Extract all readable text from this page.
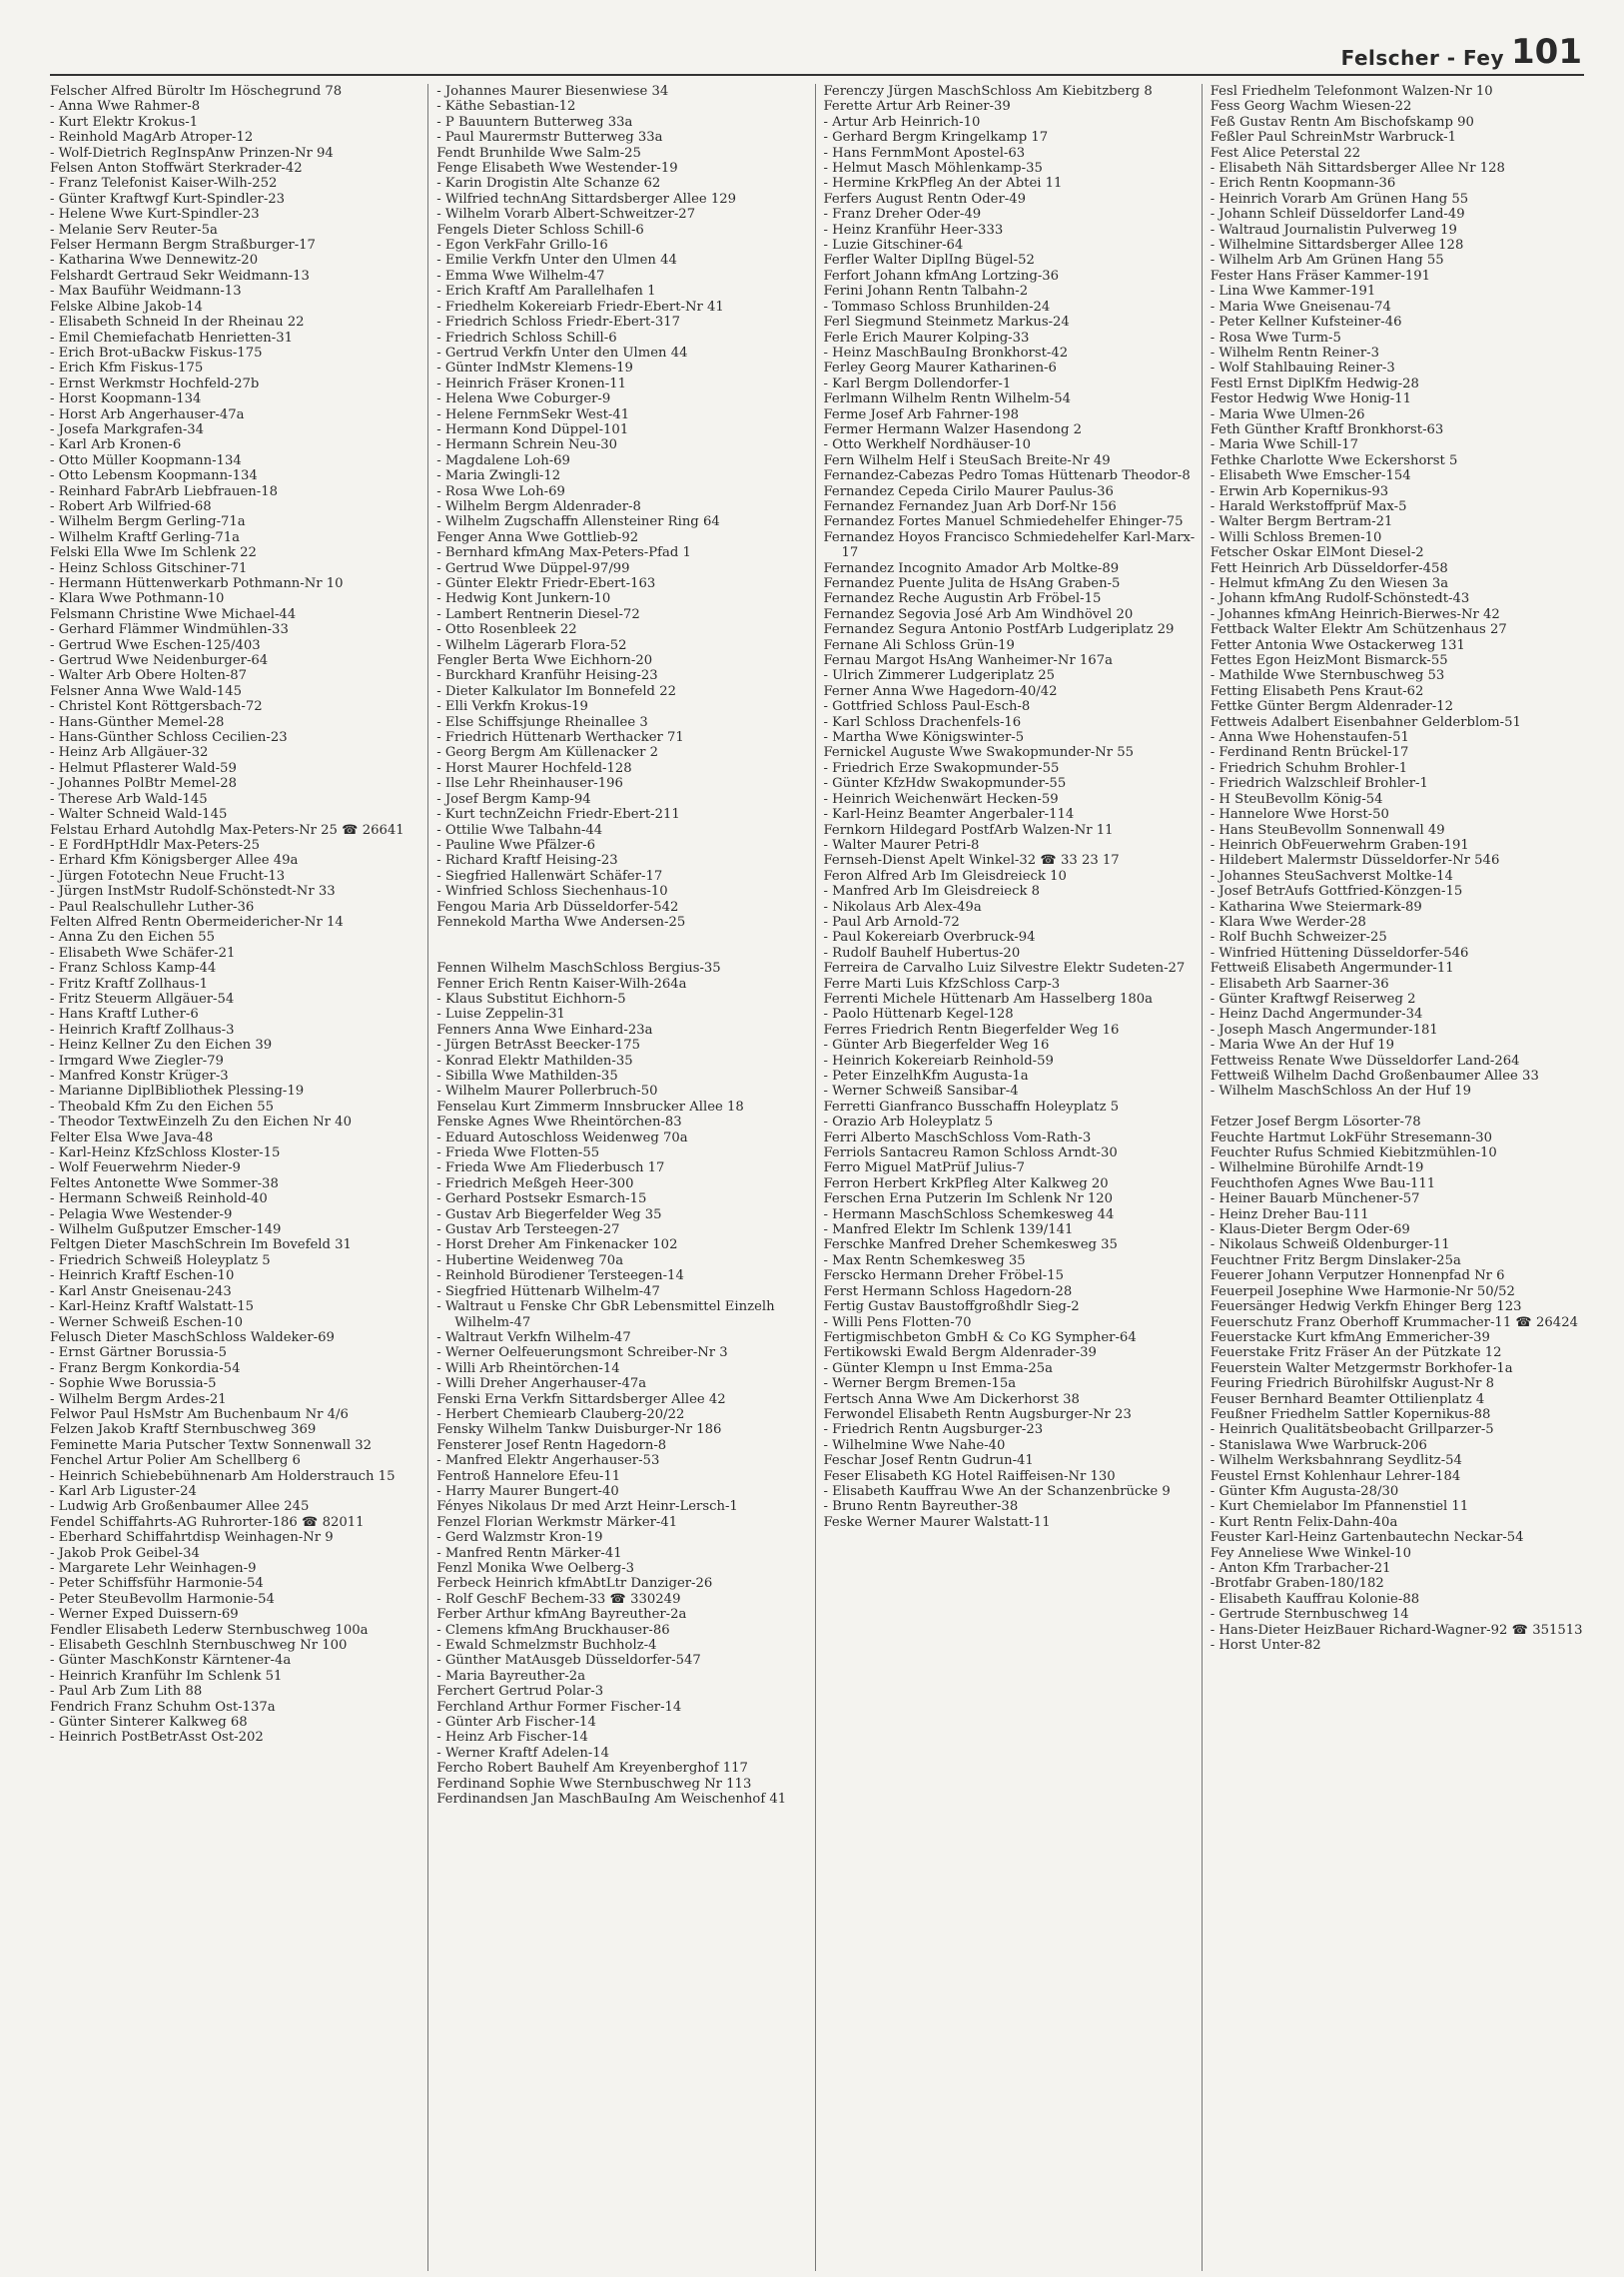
Felscher - Fey 101
Felscher Alfred Büroltr Im Höschegrund 78
- Anna Wwe Rahmer-8
- Kurt Elektr Krokus-1
- Reinhold MagArb Atroper-12
- Wolf-Dietrich RegInspAnw Prinzen-Nr 94
Felsen Anton Stoffwärt Sterkrader-42
- Franz Telefonist Kaiser-Wilh-252
- Günter Kraftwgf Kurt-Spindler-23
- Helene Wwe Kurt-Spindler-23
- Melanie Serv Reuter-5a
Felser Hermann Bergm Straßburger-17
- Katharina Wwe Dennewitz-20
Felshardt Gertraud Sekr Weidmann-13
- Max Bauführ Weidmann-13
Felske Albine Jakob-14
- Elisabeth Schneid In der Rheinau 22
- Emil Chemiefachatb Henrietten-31
- Erich Brot-uBackw Fiskus-175
- Erich Kfm Fiskus-175
- Ernst Werkmstr Hochfeld-27b
- Horst Koopmann-134
- Horst Arb Angerhauser-47a
- Josefa Markgrafen-34
- Karl Arb Kronen-6
- Otto Müller Koopmann-134
- Otto Lebensm Koopmann-134
- Reinhard FabrArb Liebfrauen-18
- Robert Arb Wilfried-68
- Wilhelm Bergm Gerling-71a
- Wilhelm Kraftf Gerling-71a
Felski Ella Wwe Im Schlenk 22
- Heinz Schloss Gitschiner-71
- Hermann Hüttenwerkarb Pothmann-Nr 10
- Klara Wwe Pothmann-10
Felsmann Christine Wwe Michael-44
- Gerhard Flämmer Windmühlen-33
- Gertrud Wwe Eschen-125/403
- Gertrud Wwe Neidenburger-64
- Walter Arb Obere Holten-87
Felsner Anna Wwe Wald-145
- Christel Kont Röttgersbach-72
- Hans-Günther Memel-28
- Hans-Günther Schloss Cecilien-23
- Heinz Arb Allgäuer-32
- Helmut Pflasterer Wald-59
- Johannes PolBtr Memel-28
- Therese Arb Wald-145
- Walter Schneid Wald-145
Felstau Erhard Autohdlg Max-Peters-Nr 25 ☎ 26641
- E FordHptHdlr Max-Peters-25
- Erhard Kfm Königsberger Allee 49a
- Jürgen Fototechn Neue Frucht-13
- Jürgen InstMstr Rudolf-Schönstedt-Nr 33
- Paul Realschullehr Luther-36
Felten Alfred Rentn Obermeidericher-Nr 14
- Anna Zu den Eichen 55
- Elisabeth Wwe Schäfer-21
- Franz Schloss Kamp-44
- Fritz Kraftf Zollhaus-1
- Fritz Steuerm Allgäuer-54
- Hans Kraftf Luther-6
- Heinrich Kraftf Zollhaus-3
- Heinz Kellner Zu den Eichen 39
- Irmgard Wwe Ziegler-79
- Manfred Konstr Krüger-3
- Marianne DiplBibliothek Plessing-19
- Theobald Kfm Zu den Eichen 55
- Theodor TextwEinzelh Zu den Eichen Nr 40
Felter Elsa Wwe Java-48
- Karl-Heinz KfzSchloss Kloster-15
- Wolf Feuerwehrm Nieder-9
Feltes Antonette Wwe Sommer-38
- Hermann Schweiß Reinhold-40
- Pelagia Wwe Westender-9
- Wilhelm Gußputzer Emscher-149
Feltgen Dieter MaschSchrein Im Bovefeld 31
- Friedrich Schweiß Holeyplatz 5
- Heinrich Kraftf Eschen-10
- Karl Anstr Gneisenau-243
- Karl-Heinz Kraftf Walstatt-15
- Werner Schweiß Eschen-10
Felusch Dieter MaschSchloss Waldeker-69
- Ernst Gärtner Borussia-5
- Franz Bergm Konkordia-54
- Sophie Wwe Borussia-5
- Wilhelm Bergm Ardes-21
Felwor Paul HsMstr Am Buchenbaum Nr 4/6
Felzen Jakob Kraftf Sternbuschweg 369
Feminette Maria Putscher Textw Sonnenwall 32
Fenchel Artur Polier Am Schellberg 6
- Heinrich Schiebebühnenarb Am Holderstrauch 15
- Karl Arb Liguster-24
- Ludwig Arb Großenbaumer Allee 245
Fendel Schiffahrts-AG Ruhrorter-186 ☎ 82011
- Eberhard Schiffahrtdisp Weinhagen-Nr 9
- Jakob Prok Geibel-34
- Margarete Lehr Weinhagen-9
- Peter Schiffsführ Harmonie-54
- Peter SteuBevollm Harmonie-54
- Werner Exped Duissern-69
Fendler Elisabeth Lederw Sternbuschweg 100a
- Elisabeth Geschlnh Sternbuschweg Nr 100
- Günter MaschKonstr Kärntener-4a
- Heinrich Kranführ Im Schlenk 51
- Paul Arb Zum Lith 88
Fendrich Franz Schuhm Ost-137a
- Günter Sinterer Kalkweg 68
- Heinrich PostBetrAsst Ost-202
- Johannes Maurer Biesenwiese 34
- Käthe Sebastian-12
- P Bauuntern Butterweg 33a
- Paul Maurermstr Butterweg 33a
Fendt Brunhilde Wwe Salm-25
Fenge Elisabeth Wwe Westender-19
- Karin Drogistin Alte Schanze 62
- Wilfried technAng Sittardsberger Allee 129
- Wilhelm Vorarb Albert-Schweitzer-27
Fengels Dieter Schloss Schill-6
- Egon VerkFahr Grillo-16
- Emilie Verkfn Unter den Ulmen 44
- Emma Wwe Wilhelm-47
- Erich Kraftf Am Parallelhafen 1
- Friedhelm Kokereiarb Friedr-Ebert-Nr 41
- Friedrich Schloss Friedr-Ebert-317
- Friedrich Schloss Schill-6
- Gertrud Verkfn Unter den Ulmen 44
- Günter IndMstr Klemens-19
- Heinrich Fräser Kronen-11
- Helena Wwe Coburger-9
- Helene FernmSekr West-41
- Hermann Kond Düppel-101
- Hermann Schrein Neu-30
- Magdalene Loh-69
- Maria Zwingli-12
- Rosa Wwe Loh-69
- Wilhelm Bergm Aldenrader-8
- Wilhelm Zugschaffn Allensteiner Ring 64
Fenger Anna Wwe Gottlieb-92
- Bernhard kfmAng Max-Peters-Pfad 1
- Gertrud Wwe Düppel-97/99
- Günter Elektr Friedr-Ebert-163
- Hedwig Kont Junkern-10
- Lambert Rentnerin Diesel-72
- Otto Rosenbleek 22
- Wilhelm Lägerarb Flora-52
Fengler Berta Wwe Eichhorn-20
- Burckhard Kranführ Heising-23
- Dieter Kalkulator Im Bonnefeld 22
- Elli Verkfn Krokus-19
- Else Schiffsjunge Rheinallee 3
- Friedrich Hüttenarb Werthacker 71
- Georg Bergm Am Küllenacker 2
- Horst Maurer Hochfeld-128
- Ilse Lehr Rheinhauser-196
- Josef Bergm Kamp-94
- Kurt technZeichn Friedr-Ebert-211
- Ottilie Wwe Talbahn-44
- Pauline Wwe Pfälzer-6
- Richard Kraftf Heising-23
- Siegfried Hallenwärt Schäfer-17
- Winfried Schloss Siechenhaus-10
Fengou Maria Arb Düsseldorfer-542
Fennekold Martha Wwe Andersen-25

Fennen Wilhelm MaschSchloss Bergius-35
Fenner Erich Rentn Kaiser-Wilh-264a
- Klaus Substitut Eichhorn-5
- Luise Zeppelin-31
Fenners Anna Wwe Einhard-23a
- Jürgen BetrAsst Beecker-175
- Konrad Elektr Mathilden-35
- Sibilla Wwe Mathilden-35
- Wilhelm Maurer Pollerbruch-50
Fenselau Kurt Zimmerm Innsbrucker Allee 18
Fenske Agnes Wwe Rheintörchen-83
- Eduard Autoschloss Weidenweg 70a
- Frieda Wwe Flotten-55
- Frieda Wwe Am Fliederbusch 17
- Friedrich Meßgeh Heer-300
- Gerhard Postsekr Esmarch-15
- Gustav Arb Biegerfelder Weg 35
- Gustav Arb Tersteegen-27
- Horst Dreher Am Finkenacker 102
- Hubertine Weidenweg 70a
- Reinhold Bürodiener Tersteegen-14
- Siegfried Hüttenarb Wilhelm-47
- Waltraut u Fenske Chr GbR Lebensmittel Einzelh Wilhelm-47
- Waltraut Verkfn Wilhelm-47
- Werner Oelfeuerungsmont Schreiber-Nr 3
- Willi Arb Rheintörchen-14
- Willi Dreher Angerhauser-47a
Fenski Erna Verkfn Sittardsberger Allee 42
- Herbert Chemiearb Clauberg-20/22
Fensky Wilhelm Tankw Duisburger-Nr 186
Fensterer Josef Rentn Hagedorn-8
- Manfred Elektr Angerhauser-53
Fentroß Hannelore Efeu-11
- Harry Maurer Bungert-40
Fényes Nikolaus Dr med Arzt Heinr-Lersch-1
Fenzel Florian Werkmstr Märker-41
- Gerd Walzmstr Kron-19
- Manfred Rentn Märker-41
Fenzl Monika Wwe Oelberg-3
Ferbeck Heinrich kfmAbtLtr Danziger-26
- Rolf GeschF Bechem-33 ☎ 330249
Ferber Arthur kfmAng Bayreuther-2a
- Clemens kfmAng Bruckhauser-86
- Ewald Schmelzmstr Buchholz-4
- Günther MatAusgeb Düsseldorfer-547
- Maria Bayreuther-2a
Ferchert Gertrud Polar-3
Ferchland Arthur Former Fischer-14
- Günter Arb Fischer-14
- Heinz Arb Fischer-14
- Werner Kraftf Adelen-14
Fercho Robert Bauhelf Am Kreyenberghof 117
Ferdinand Sophie Wwe Sternbuschweg Nr 113
Ferdinandsen Jan MaschBauIng Am Weischenhof 41
Ferenczy Jürgen MaschSchloss Am Kiebitzberg 8
Ferette Artur Arb Reiner-39
- Artur Arb Heinrich-10
- Gerhard Bergm Kringelkamp 17
- Hans FernmMont Apostel-63
- Helmut Masch Möhlenkamp-35
- Hermine KrkPfleg An der Abtei 11
Ferfers August Rentn Oder-49
- Franz Dreher Oder-49
- Heinz Kranführ Heer-333
- Luzie Gitschiner-64
Ferfler Walter DiplIng Bügel-52
Ferfort Johann kfmAng Lortzing-36
Ferini Johann Rentn Talbahn-2
- Tommaso Schloss Brunhilden-24
Ferl Siegmund Steinmetz Markus-24
Ferle Erich Maurer Kolping-33
- Heinz MaschBauIng Bronkhorst-42
Ferley Georg Maurer Katharinen-6
- Karl Bergm Dollendorfer-1
Ferlmann Wilhelm Rentn Wilhelm-54
Ferme Josef Arb Fahrner-198
Fermer Hermann Walzer Hasendong 2
- Otto Werkhelf Nordhäuser-10
Fern Wilhelm Helf i SteuSach Breite-Nr 49
Fernandez-Cabezas Pedro Tomas Hüttenarb Theodor-8
Fernandez Cepeda Cirilo Maurer Paulus-36
Fernandez Fernandez Juan Arb Dorf-Nr 156
Fernandez Fortes Manuel Schmiedehelfer Ehinger-75
Fernandez Hoyos Francisco Schmiedehelfer Karl-Marx-17
Fernandez Incognito Amador Arb Moltke-89
Fernandez Puente Julita de HsAng Graben-5
Fernandez Reche Augustin Arb Fröbel-15
Fernandez Segovia José Arb Am Windhövel 20
Fernandez Segura Antonio PostfArb Ludgeriplatz 29
Fernane Ali Schloss Grün-19
Fernau Margot HsAng Wanheimer-Nr 167a
- Ulrich Zimmerer Ludgeriplatz 25
Ferner Anna Wwe Hagedorn-40/42
- Gottfried Schloss Paul-Esch-8
- Karl Schloss Drachenfels-16
- Martha Wwe Königswinter-5
Fernickel Auguste Wwe Swakopmunder-Nr 55
- Friedrich Erze Swakopmunder-55
- Günter KfzHdw Swakopmunder-55
- Heinrich Weichenwärt Hecken-59
- Karl-Heinz Beamter Angerbaler-114
Fernkorn Hildegard PostfArb Walzen-Nr 11
- Walter Maurer Petri-8
Fernseh-Dienst Apelt Winkel-32 ☎ 33 23 17
Feron Alfred Arb Im Gleisdreieck 10
- Manfred Arb Im Gleisdreieck 8
- Nikolaus Arb Alex-49a
- Paul Arb Arnold-72
- Paul Kokereiarb Overbruck-94
- Rudolf Bauhelf Hubertus-20
Ferreira de Carvalho Luiz Silvestre Elektr Sudeten-27
Ferre Marti Luis KfzSchloss Carp-3
Ferrenti Michele Hüttenarb Am Hasselberg 180a
- Paolo Hüttenarb Kegel-128
Ferres Friedrich Rentn Biegerfelder Weg 16
- Günter Arb Biegerfelder Weg 16
- Heinrich Kokereiarb Reinhold-59
- Peter EinzelhKfm Augusta-1a
- Werner Schweiß Sansibar-4
Ferretti Gianfranco Busschaffn Holeyplatz 5
- Orazio Arb Holeyplatz 5
Ferri Alberto MaschSchloss Vom-Rath-3
Ferriols Santacreu Ramon Schloss Arndt-30
Ferro Miguel MatPrüf Julius-7
Ferron Herbert KrkPfleg Alter Kalkweg 20
Ferschen Erna Putzerin Im Schlenk Nr 120
- Hermann MaschSchloss Schemkesweg 44
- Manfred Elektr Im Schlenk 139/141
Ferschke Manfred Dreher Schemkesweg 35
- Max Rentn Schemkesweg 35
Ferscko Hermann Dreher Fröbel-15
Ferst Hermann Schloss Hagedorn-28
Fertig Gustav Baustoffgroßhdlr Sieg-2
- Willi Pens Flotten-70
Fertigmischbeton GmbH & Co KG Sympher-64
Fertikowski Ewald Bergm Aldenrader-39
- Günter Klempn u Inst Emma-25a
- Werner Bergm Bremen-15a
Fertsch Anna Wwe Am Dickerhorst 38
Ferwondel Elisabeth Rentn Augsburger-Nr 23
- Friedrich Rentn Augsburger-23
- Wilhelmine Wwe Nahe-40
Feschar Josef Rentn Gudrun-41
Feser Elisabeth KG Hotel Raiffeisen-Nr 130
- Elisabeth Kauffrau Wwe An der Schanzenbrücke 9
- Bruno Rentn Bayreuther-38
Feske Werner Maurer Walstatt-11
Fesl Friedhelm Telefonmont Walzen-Nr 10
Fess Georg Wachm Wiesen-22
Feß Gustav Rentn Am Bischofskamp 90
Feßler Paul SchreinMstr Warbruck-1
Fest Alice Peterstal 22
- Elisabeth Näh Sittardsberger Allee Nr 128
- Erich Rentn Koopmann-36
- Heinrich Vorarb Am Grünen Hang 55
- Johann Schleif Düsseldorfer Land-49
- Waltraud Journalistin Pulverweg 19
- Wilhelmine Sittardsberger Allee 128
- Wilhelm Arb Am Grünen Hang 55
Fester Hans Fräser Kammer-191
- Lina Wwe Kammer-191
- Maria Wwe Gneisenau-74
- Peter Kellner Kufsteiner-46
- Rosa Wwe Turm-5
- Wilhelm Rentn Reiner-3
- Wolf Stahlbauing Reiner-3
Festl Ernst DiplKfm Hedwig-28
Festor Hedwig Wwe Honig-11
- Maria Wwe Ulmen-26
Feth Günther Kraftf Bronkhorst-63
- Maria Wwe Schill-17
Fethke Charlotte Wwe Eckershorst 5
- Elisabeth Wwe Emscher-154
- Erwin Arb Kopernikus-93
- Harald Werkstoffprüf Max-5
- Walter Bergm Bertram-21
- Willi Schloss Bremen-10
Fetscher Oskar ElMont Diesel-2
Fett Heinrich Arb Düsseldorfer-458
- Helmut kfmAng Zu den Wiesen 3a
- Johann kfmAng Rudolf-Schönstedt-43
- Johannes kfmAng Heinrich-Bierwes-Nr 42
Fettback Walter Elektr Am Schützenhaus 27
Fetter Antonia Wwe Ostackerweg 131
Fettes Egon HeizMont Bismarck-55
- Mathilde Wwe Sternbuschweg 53
Fetting Elisabeth Pens Kraut-62
Fettke Günter Bergm Aldenrader-12
Fettweis Adalbert Eisenbahner Gelderblom-51
- Anna Wwe Hohenstaufen-51
- Ferdinand Rentn Brückel-17
- Friedrich Schuhm Brohler-1
- Friedrich Walzschleif Brohler-1
- H SteuBevollm König-54
- Hannelore Wwe Horst-50
- Hans SteuBevollm Sonnenwall 49
- Heinrich ObFeuerwehrm Graben-191
- Hildebert Malermstr Düsseldorfer-Nr 546
- Johannes SteuSachverst Moltke-14
- Josef BetrAufs Gottfried-Könzgen-15
- Katharina Wwe Steiermark-89
- Klara Wwe Werder-28
- Rolf Buchh Schweizer-25
- Winfried Hüttening Düsseldorfer-546
Fettweiß Elisabeth Angermunder-11
- Elisabeth Arb Saarner-36
- Günter Kraftwgf Reiserweg 2
- Heinz Dachd Angermunder-34
- Joseph Masch Angermunder-181
- Maria Wwe An der Huf 19
Fettweiss Renate Wwe Düsseldorfer Land-264
Fettweiß Wilhelm Dachd Großenbaumer Allee 33
- Wilhelm MaschSchloss An der Huf 19

Fetzer Josef Bergm Lösorter-78
Feuchte Hartmut LokFühr Stresemann-30
Feuchter Rufus Schmied Kiebitzmühlen-10
- Wilhelmine Bürohilfe Arndt-19
Feuchthofen Agnes Wwe Bau-111
- Heiner Bauarb Münchener-57
- Heinz Dreher Bau-111
- Klaus-Dieter Bergm Oder-69
- Nikolaus Schweiß Oldenburger-11
Feuchtner Fritz Bergm Dinslaker-25a
Feuerer Johann Verputzer Honnenpfad Nr 6
Feuerpeil Josephine Wwe Harmonie-Nr 50/52
Feuersänger Hedwig Verkfn Ehinger Berg 123
Feuerschutz Franz Oberhoff Krummacher-11 ☎ 26424
Feuerstacke Kurt kfmAng Emmericher-39
Feuerstake Fritz Fräser An der Pützkate 12
Feuerstein Walter Metzgermstr Borkhofer-1a
Feuring Friedrich Bürohilfskr August-Nr 8
Feuser Bernhard Beamter Ottilienplatz 4
Feußner Friedhelm Sattler Kopernikus-88
- Heinrich Qualitätsbeobacht Grillparzer-5
- Stanislawa Wwe Warbruck-206
- Wilhelm Werksbahnrang Seydlitz-54
Feustel Ernst Kohlenhaur Lehrer-184
- Günter Kfm Augusta-28/30
- Kurt Chemielabor Im Pfannenstiel 11
- Kurt Rentn Felix-Dahn-40a
Feuster Karl-Heinz Gartenbautechn Neckar-54
Fey Anneliese Wwe Winkel-10
- Anton Kfm Trarbacher-21
-Brotfabr Graben-180/182
- Elisabeth Kauffrau Kolonie-88
- Gertrude Sternbuschweg 14
- Hans-Dieter HeizBauer Richard-Wagner-92 ☎ 351513
- Horst Unter-82
